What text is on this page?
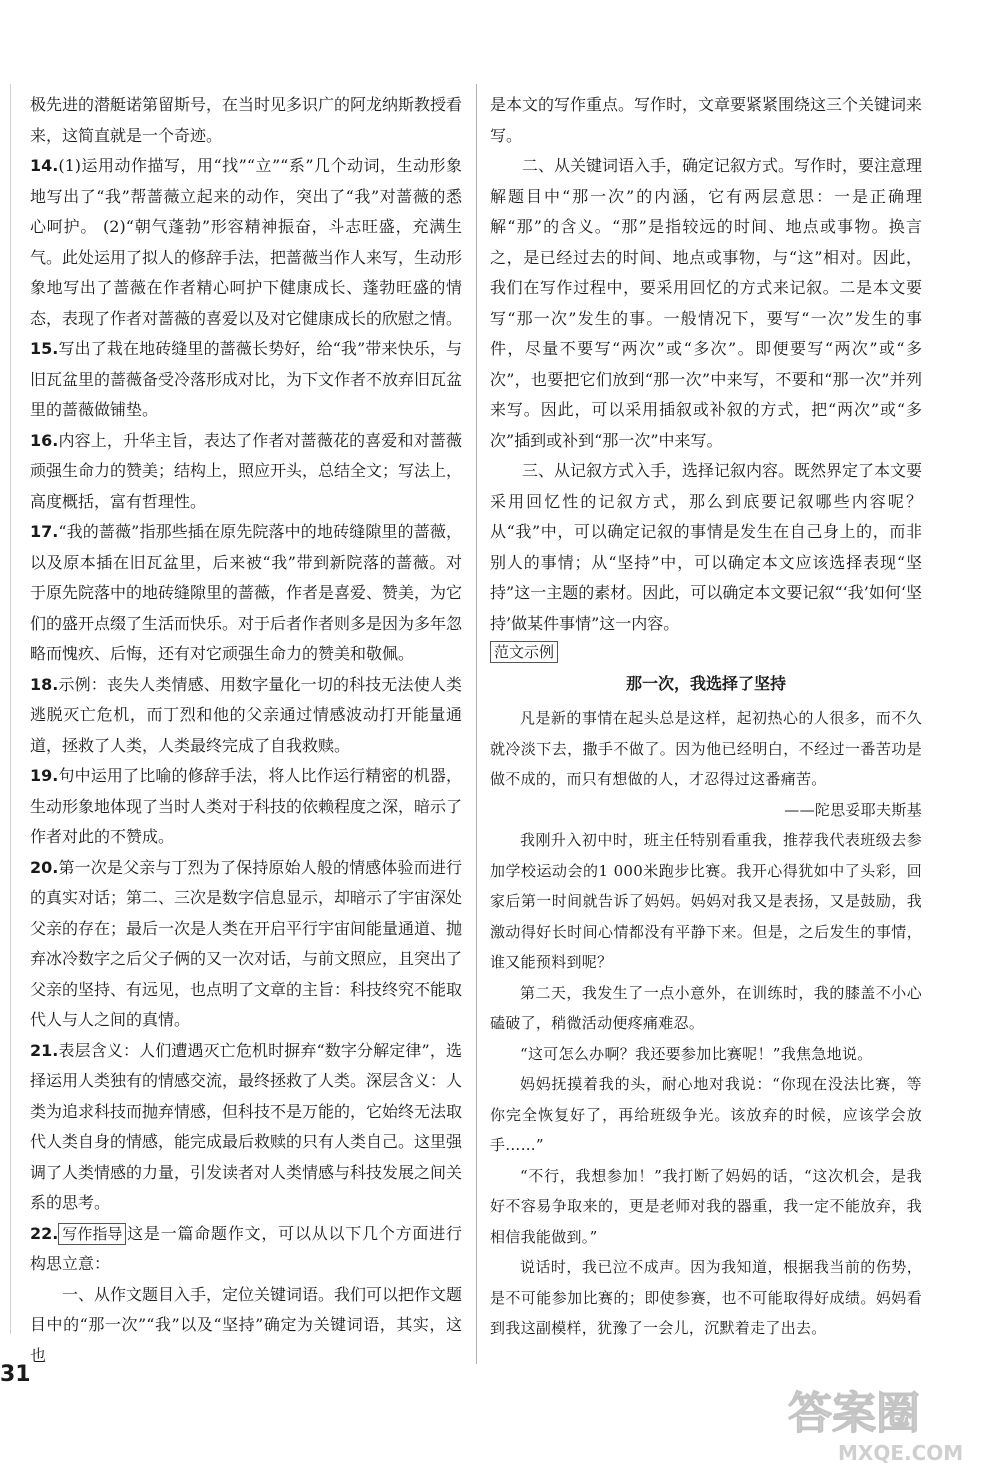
极先进的潜艇诺第留斯号，在当时见多识广的阿龙纳斯教授看来，这简直就是一个奇迹。

14.(1)运用动作描写，用“找”“立”“系”几个动词，生动形象地写出了“我”帮蔷薇立起来的动作，突出了“我”对蔷薇的悉心呵护。 (2)“朝气蓬勃”形容精神振奋，斗志旺盛，充满生气。此处运用了拟人的修辞手法，把蔷薇当作人来写，生动形象地写出了蔷薇在作者精心呵护下健康成长、蓬勃旺盛的情态，表现了作者对蔷薇的喜爱以及对它健康成长的欣慰之情。

15.写出了栽在地砖缝里的蔷薇长势好，给“我”带来快乐，与旧瓦盆里的蔷薇备受冷落形成对比，为下文作者不放弃旧瓦盆里的蔷薇做铺垫。

16.内容上，升华主旨，表达了作者对蔷薇花的喜爱和对蔷薇顽强生命力的赞美；结构上，照应开头，总结全文；写法上，高度概括，富有哲理性。

17.“我的蔷薇”指那些插在原先院落中的地砖缝隙里的蔷薇，以及原本插在旧瓦盆里，后来被“我”带到新院落的蔷薇。对于原先院落中的地砖缝隙里的蔷薇，作者是喜爱、赞美，为它们的盛开点缀了生活而快乐。对于后者作者则多是因为多年忽略而愧疚、后悔，还有对它顽强生命力的赞美和敬佩。

18.示例：丧失人类情感、用数字量化一切的科技无法使人类逃脱灭亡危机，而丁烈和他的父亲通过情感波动打开能量通道，拯救了人类，人类最终完成了自我救赎。

19.句中运用了比喻的修辞手法，将人比作运行精密的机器，生动形象地体现了当时人类对于科技的依赖程度之深，暗示了作者对此的不赞成。

20.第一次是父亲与丁烈为了保持原始人般的情感体验而进行的真实对话；第二、三次是数字信息显示，却暗示了宇宙深处父亲的存在；最后一次是人类在开启平行宇宙间能量通道、抛弃冰冷数字之后父子俩的又一次对话，与前文照应，且突出了父亲的坚持、有远见，也点明了文章的主旨：科技终究不能取代人与人之间的真情。

21.表层含义：人们遭遇灭亡危机时摒弃“数字分解定律”，选择运用人类独有的情感交流，最终拯救了人类。深层含义：人类为追求科技而抛弃情感，但科技不是万能的，它始终无法取代人类自身的情感，能完成最后救赎的只有人类自己。这里强调了人类情感的力量，引发读者对人类情感与科技发展之间关系的思考。

22. 写作指导 这是一篇命题作文，可以从以下几个方面进行构思立意：

一、从作文题目入手，定位关键词语。我们可以把作文题目中的“那一次”“我”以及“坚持”确定为关键词语，其实，这也

是本文的写作重点。写作时，文章要紧紧围绕这三个关键词来写。

二、从关键词语入手，确定记叙方式。写作时，要注意理解题目中“那一次”的内涵，它有两层意思：一是正确理解“那”的含义。“那”是指较远的时间、地点或事物。换言之，是已经过去的时间、地点或事物，与“这”相对。因此，我们在写作过程中，要采用回忆的方式来记叙。二是本文要写“那一次”发生的事。一般情况下，要写“一次”发生的事件，尽量不要写“两次”或“多次”。即便要写“两次”或“多次”，也要把它们放到“那一次”中来写，不要和“那一次”并列来写。因此，可以采用插叙或补叙的方式，把“两次”或“多次”插到或补到“那一次”中来写。

三、从记叙方式入手，选择记叙内容。既然界定了本文要采用回忆性的记叙方式，那么到底要记叙哪些内容呢？从“我”中，可以确定记叙的事情是发生在自己身上的，而非别人的事情；从“坚持”中，可以确定本文应该选择表现“坚持”这一主题的素材。因此，可以确定本文要记叙“‘我’如何‘坚持’做某件事情”这一内容。

范文示例
那一次，我选择了坚持

凡是新的事情在起头总是这样，起初热心的人很多，而不久就冷淡下去，撒手不做了。因为他已经明白，不经过一番苦功是做不成的，而只有想做的人，才忍得过这番痛苦。

——陀思妥耶夫斯基

我刚升入初中时，班主任特别看重我，推荐我代表班级去参加学校运动会的1 000米跑步比赛。我开心得犹如中了头彩，回家后第一时间就告诉了妈妈。妈妈对我又是表扬，又是鼓励，我激动得好长时间心情都没有平静下来。但是，之后发生的事情，谁又能预料到呢？

第二天，我发生了一点小意外，在训练时，我的膝盖不小心磕破了，稍微活动便疼痛难忍。

“这可怎么办啊？我还要参加比赛呢！”我焦急地说。

妈妈抚摸着我的头，耐心地对我说：“你现在没法比赛，等你完全恢复好了，再给班级争光。该放弃的时候，应该学会放手……”

“不行，我想参加！”我打断了妈妈的话，“这次机会，是我好不容易争取来的，更是老师对我的器重，我一定不能放弃，我相信我能做到。”

说话时，我已泣不成声。因为我知道，根据我当前的伤势，是不可能参加比赛的；即使参赛，也不可能取得好成绩。妈妈看到我这副模样，犹豫了一会儿，沉默着走了出去。

31
答案圈
MXQE.COM
